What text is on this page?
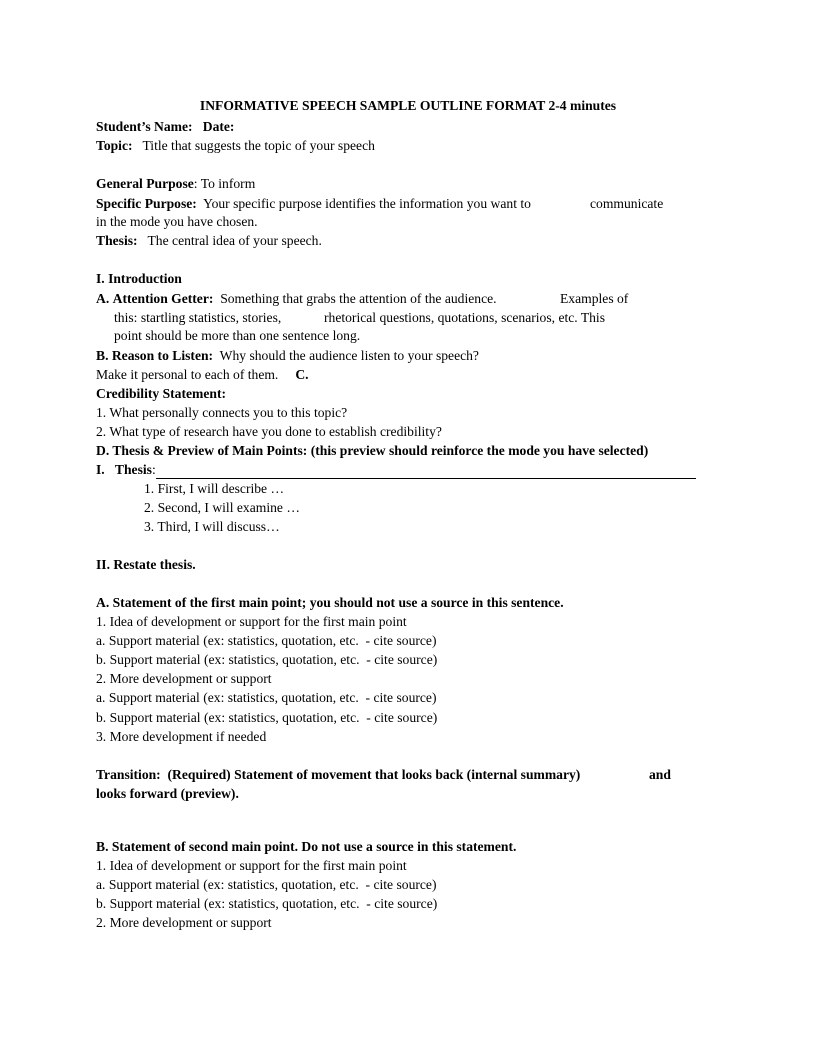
INFORMATIVE SPEECH SAMPLE OUTLINE FORMAT 2-4 minutes
Student’s Name: Date:
Topic: Title that suggests the topic of your speech
General Purpose: To inform
Specific Purpose: Your specific purpose identifies the information you want to	communicate
in the mode you have chosen.
Thesis: The central idea of your speech.
I. Introduction
A. Attention Getter: Something that grabs the attention of the audience.	Examples of
this: startling statistics, stories,	rhetorical questions, quotations, scenarios, etc. This
point should be more than one sentence long.
B. Reason to Listen: Why should the audience listen to your speech?
Make it personal to each of them. C.
Credibility Statement:
1. What personally connects you to this topic?
2. What type of research have you done to establish credibility?
D. Thesis & Preview of Main Points: (this preview should reinforce the mode you have selected)
I. Thesis:
1. First, I will describe …
2. Second, I will examine …
3. Third, I will discuss…
II. Restate thesis.
A. Statement of the first main point; you should not use a source in this sentence.
1. Idea of development or support for the first main point
a. Support material (ex: statistics, quotation, etc.  - cite source)
b. Support material (ex: statistics, quotation, etc.  - cite source)
2. More development or support
a. Support material (ex: statistics, quotation, etc.  - cite source)
b. Support material (ex: statistics, quotation, etc.  - cite source)
3. More development if needed
Transition: (Required) Statement of movement that looks back (internal summary)	and
looks forward (preview).
B. Statement of second main point. Do not use a source in this statement.
1. Idea of development or support for the first main point
a. Support material (ex: statistics, quotation, etc.  - cite source)
b. Support material (ex: statistics, quotation, etc.  - cite source)
2. More development or support
